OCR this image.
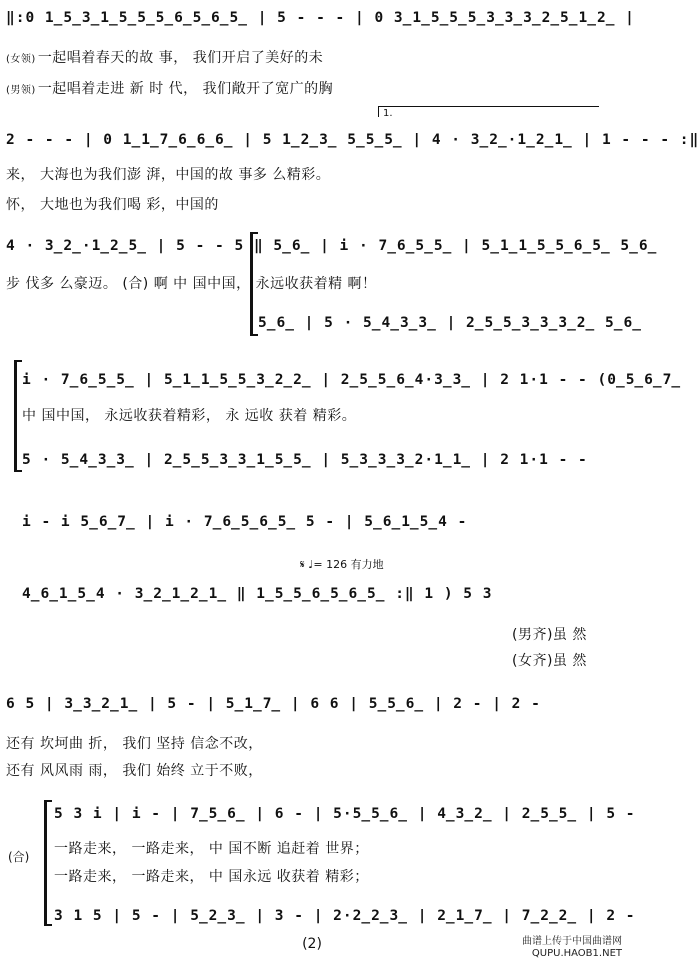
‖:0 1̲5̲3̲1̲5̲5̲5̲6̲5̲6̲5̲ | 5 - - - | 0 3̲1̲5̲5̲5̲3̲3̲3̲2̲5̲1̲2̲ |
(女领) 一起唱着春天的故 事， 我们开启了美好的未
(男领) 一起唱着走进 新 时 代， 我们敞开了宽广的胸
1.
2 - - - | 0 1̲1̲7̲6̲6̲6̲ | 5 1̲2̲3̲ 5̲5̲5̲ | 4 · 3̲2̲·1̲2̲1̲ | 1 - - - :‖
来， 大海也为我们澎 湃，中国的故 事多 么精彩。
怀， 大地也为我们喝 彩，中国的
4 · 3̲2̲·1̲2̲5̲ | 5 - - 5 ‖ 5̲6̲ | i · 7̲6̲5̲5̲ | 5̲1̲1̲5̲5̲6̲5̲ 5̲6̲
步 伐多 么豪迈。 (合) 啊 中 国中国， 永远收获着精 啊！
5̲6̲ | 5 · 5̲4̲3̲3̲ | 2̲5̲5̲3̲3̲3̲2̲ 5̲6̲
i · 7̲6̲5̲5̲ | 5̲1̲1̲5̲5̲3̲2̲2̲ | 2̲5̲5̲6̲4·3̲3̲ | 2 1·1 - - (0̲5̲6̲7̲
中 国中国， 永远收获着精彩， 永 远收 获着 精彩。
5 · 5̲4̲3̲3̲ | 2̲5̲5̲3̲3̲1̲5̲5̲ | 5̲3̲3̲3̲2·1̲1̲ | 2 1·1 - -
i - i 5̲6̲7̲ | i · 7̲6̲5̲6̲5̲ 5 - | 5̲6̲1̲5̲4 -
𝄋 ♩= 126 有力地
4̲6̲1̲5̲4 · 3̲2̲1̲2̲1̲ ‖ 1̲5̲5̲6̲5̲6̲5̲ :‖ 1 ) 5 3
(男齐)虽 然
(女齐)虽 然
6 5 | 3̲3̲2̲1̲ | 5 - | 5̲1̲7̲ | 6 6 | 5̲5̲6̲ | 2 - | 2 -
还有 坎坷曲 折， 我们 坚持 信念不改，
还有 风风雨 雨， 我们 始终 立于不败，
(合)
5 3 i | i - | 7̲5̲6̲ | 6 - | 5·5̲5̲6̲ | 4̲3̲2̲ | 2̲5̲5̲ | 5 -
一路走来， 一路走来， 中 国不断 追赶着 世界；
一路走来， 一路走来， 中 国永远 收获着 精彩；
3 1 5 | 5 - | 5̲2̲3̲ | 3 - | 2·2̲2̲3̲ | 2̲1̲7̲ | 7̲2̲2̲ | 2 -
(2)	曲谱上传于中国曲谱网
QUPU.HAOB1.NET
